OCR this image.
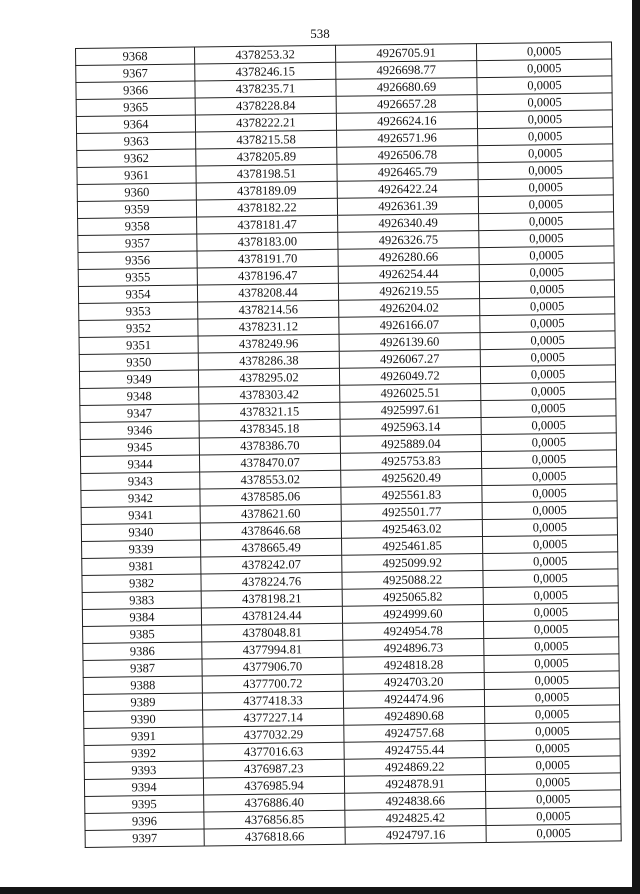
538
9368	4378253.32	4926705.91	0,0005
9367	4378246.15	4926698.77	0,0005
9366	4378235.71	4926680.69	0,0005
9365	4378228.84	4926657.28	0,0005
9364	4378222.21	4926624.16	0,0005
9363	4378215.58	4926571.96	0,0005
9362	4378205.89	4926506.78	0,0005
9361	4378198.51	4926465.79	0,0005
9360	4378189.09	4926422.24	0,0005
9359	4378182.22	4926361.39	0,0005
9358	4378181.47	4926340.49	0,0005
9357	4378183.00	4926326.75	0,0005
9356	4378191.70	4926280.66	0,0005
9355	4378196.47	4926254.44	0,0005
9354	4378208.44	4926219.55	0,0005
9353	4378214.56	4926204.02	0,0005
9352	4378231.12	4926166.07	0,0005
9351	4378249.96	4926139.60	0,0005
9350	4378286.38	4926067.27	0,0005
9349	4378295.02	4926049.72	0,0005
9348	4378303.42	4926025.51	0,0005
9347	4378321.15	4925997.61	0,0005
9346	4378345.18	4925963.14	0,0005
9345	4378386.70	4925889.04	0,0005
9344	4378470.07	4925753.83	0,0005
9343	4378553.02	4925620.49	0,0005
9342	4378585.06	4925561.83	0,0005
9341	4378621.60	4925501.77	0,0005
9340	4378646.68	4925463.02	0,0005
9339	4378665.49	4925461.85	0,0005
9381	4378242.07	4925099.92	0,0005
9382	4378224.76	4925088.22	0,0005
9383	4378198.21	4925065.82	0,0005
9384	4378124.44	4924999.60	0,0005
9385	4378048.81	4924954.78	0,0005
9386	4377994.81	4924896.73	0,0005
9387	4377906.70	4924818.28	0,0005
9388	4377700.72	4924703.20	0,0005
9389	4377418.33	4924474.96	0,0005
9390	4377227.14	4924890.68	0,0005
9391	4377032.29	4924757.68	0,0005
9392	4377016.63	4924755.44	0,0005
9393	4376987.23	4924869.22	0,0005
9394	4376985.94	4924878.91	0,0005
9395	4376886.40	4924838.66	0,0005
9396	4376856.85	4924825.42	0,0005
9397	4376818.66	4924797.16	0,0005
